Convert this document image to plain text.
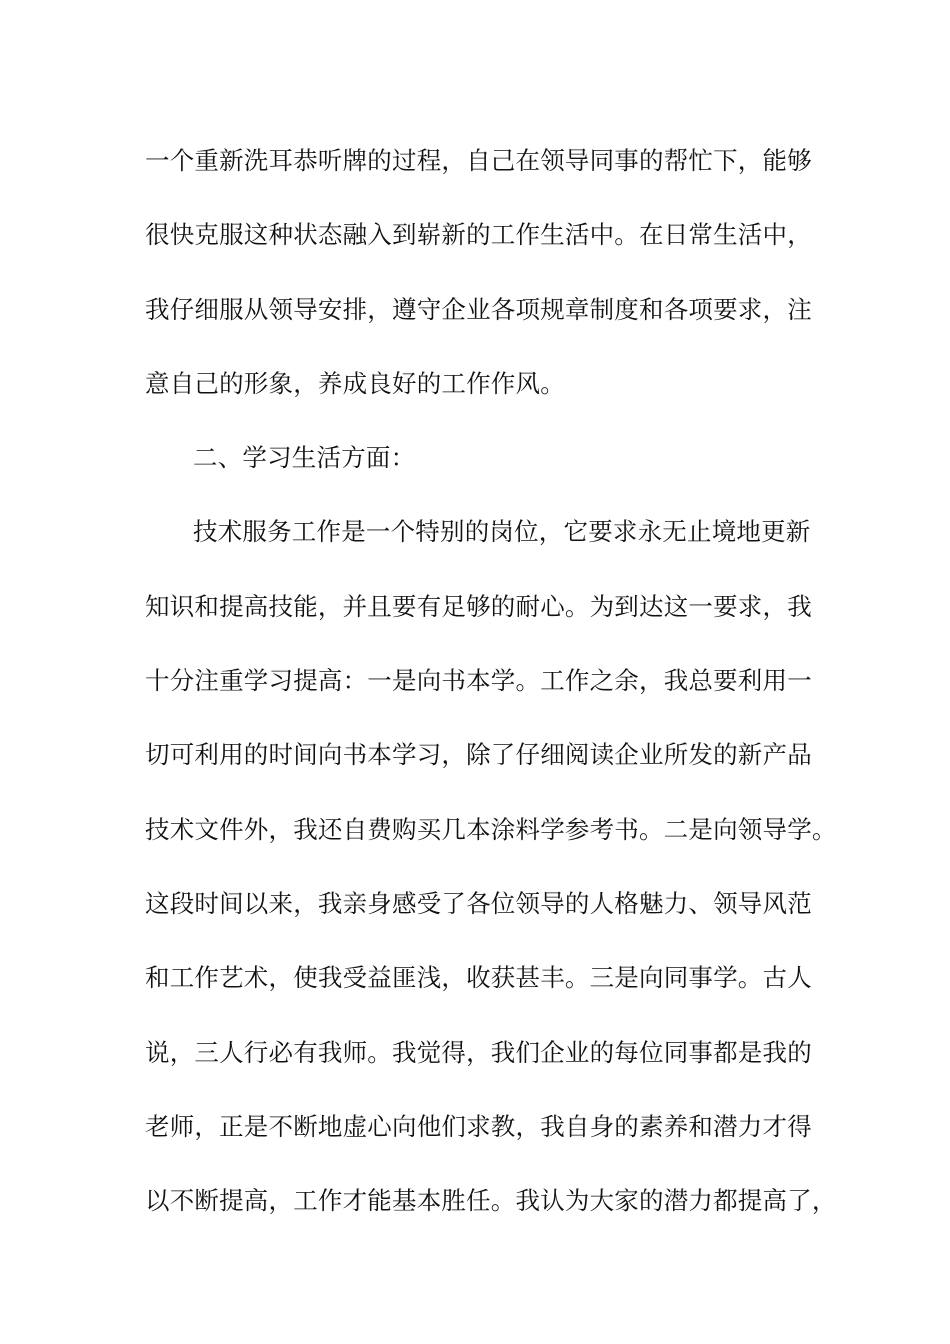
一个重新洗耳恭听牌的过程，自己在领导同事的帮忙下，能够
很快克服这种状态融入到崭新的工作生活中。在日常生活中，
我仔细服从领导安排，遵守企业各项规章制度和各项要求，注
意自己的形象，养成良好的工作作风。
二、学习生活方面：
技术服务工作是一个特别的岗位，它要求永无止境地更新
知识和提高技能，并且要有足够的耐心。为到达这一要求，我
十分注重学习提高：一是向书本学。工作之余，我总要利用一
切可利用的时间向书本学习，除了仔细阅读企业所发的新产品
技术文件外，我还自费购买几本涂料学参考书。二是向领导学。
这段时间以来，我亲身感受了各位领导的人格魅力、领导风范
和工作艺术，使我受益匪浅，收获甚丰。三是向同事学。古人
说，三人行必有我师。我觉得，我们企业的每位同事都是我的
老师，正是不断地虚心向他们求教，我自身的素养和潜力才得
以不断提高，工作才能基本胜任。我认为大家的潜力都提高了，
